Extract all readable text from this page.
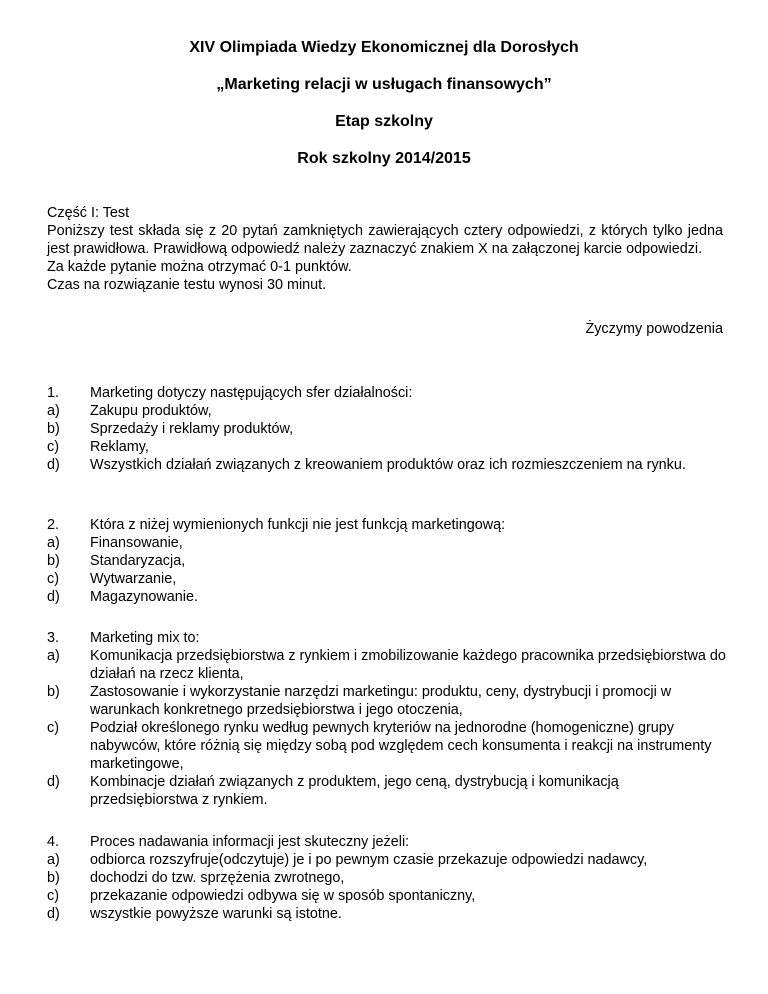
XIV Olimpiada Wiedzy Ekonomicznej dla Dorosłych
„Marketing relacji w usługach finansowych”
Etap szkolny
Rok szkolny 2014/2015

Część I: Test

Poniższy test składa się z 20 pytań zamkniętych zawierających cztery odpowiedzi, z których tylko jedna jest prawidłowa. Prawidłową odpowiedź należy zaznaczyć znakiem X na załączonej karcie odpowiedzi.

Za każde pytanie można otrzymać 0-1 punktów.

Czas na rozwiązanie testu wynosi 30 minut.

Życzymy powodzenia
1.	Marketing dotyczy następujących sfer działalności:
a)	Zakupu produktów,
b)	Sprzedaży i reklamy produktów,
c)	Reklamy,
d)	Wszystkich działań związanych z kreowaniem produktów oraz ich rozmieszczeniem na rynku.
2.	Która z niżej wymienionych funkcji nie jest funkcją marketingową:
a)	Finansowanie,
b)	Standaryzacja,
c)	Wytwarzanie,
d)	Magazynowanie.
3.	Marketing mix to:
a)	Komunikacja przedsiębiorstwa z rynkiem i zmobilizowanie każdego pracownika przedsiębiorstwa do działań na rzecz klienta,
b)	Zastosowanie i wykorzystanie narzędzi marketingu: produktu, ceny, dystrybucji i promocji w warunkach konkretnego przedsiębiorstwa i jego otoczenia,
c)	Podział określonego rynku według pewnych kryteriów na jednorodne (homogeniczne) grupy nabywców, które różnią się między sobą pod względem cech konsumenta i reakcji na instrumenty marketingowe,
d)	Kombinacje działań związanych z produktem, jego ceną, dystrybucją i komunikacją przedsiębiorstwa z rynkiem.
4.	Proces nadawania informacji jest skuteczny jeżeli:
a)	odbiorca rozszyfruje(odczytuje) je i po pewnym czasie przekazuje odpowiedzi nadawcy,
b)	dochodzi do tzw. sprzężenia zwrotnego,
c)	przekazanie odpowiedzi odbywa się w sposób spontaniczny,
d)	wszystkie powyższe warunki są istotne.
